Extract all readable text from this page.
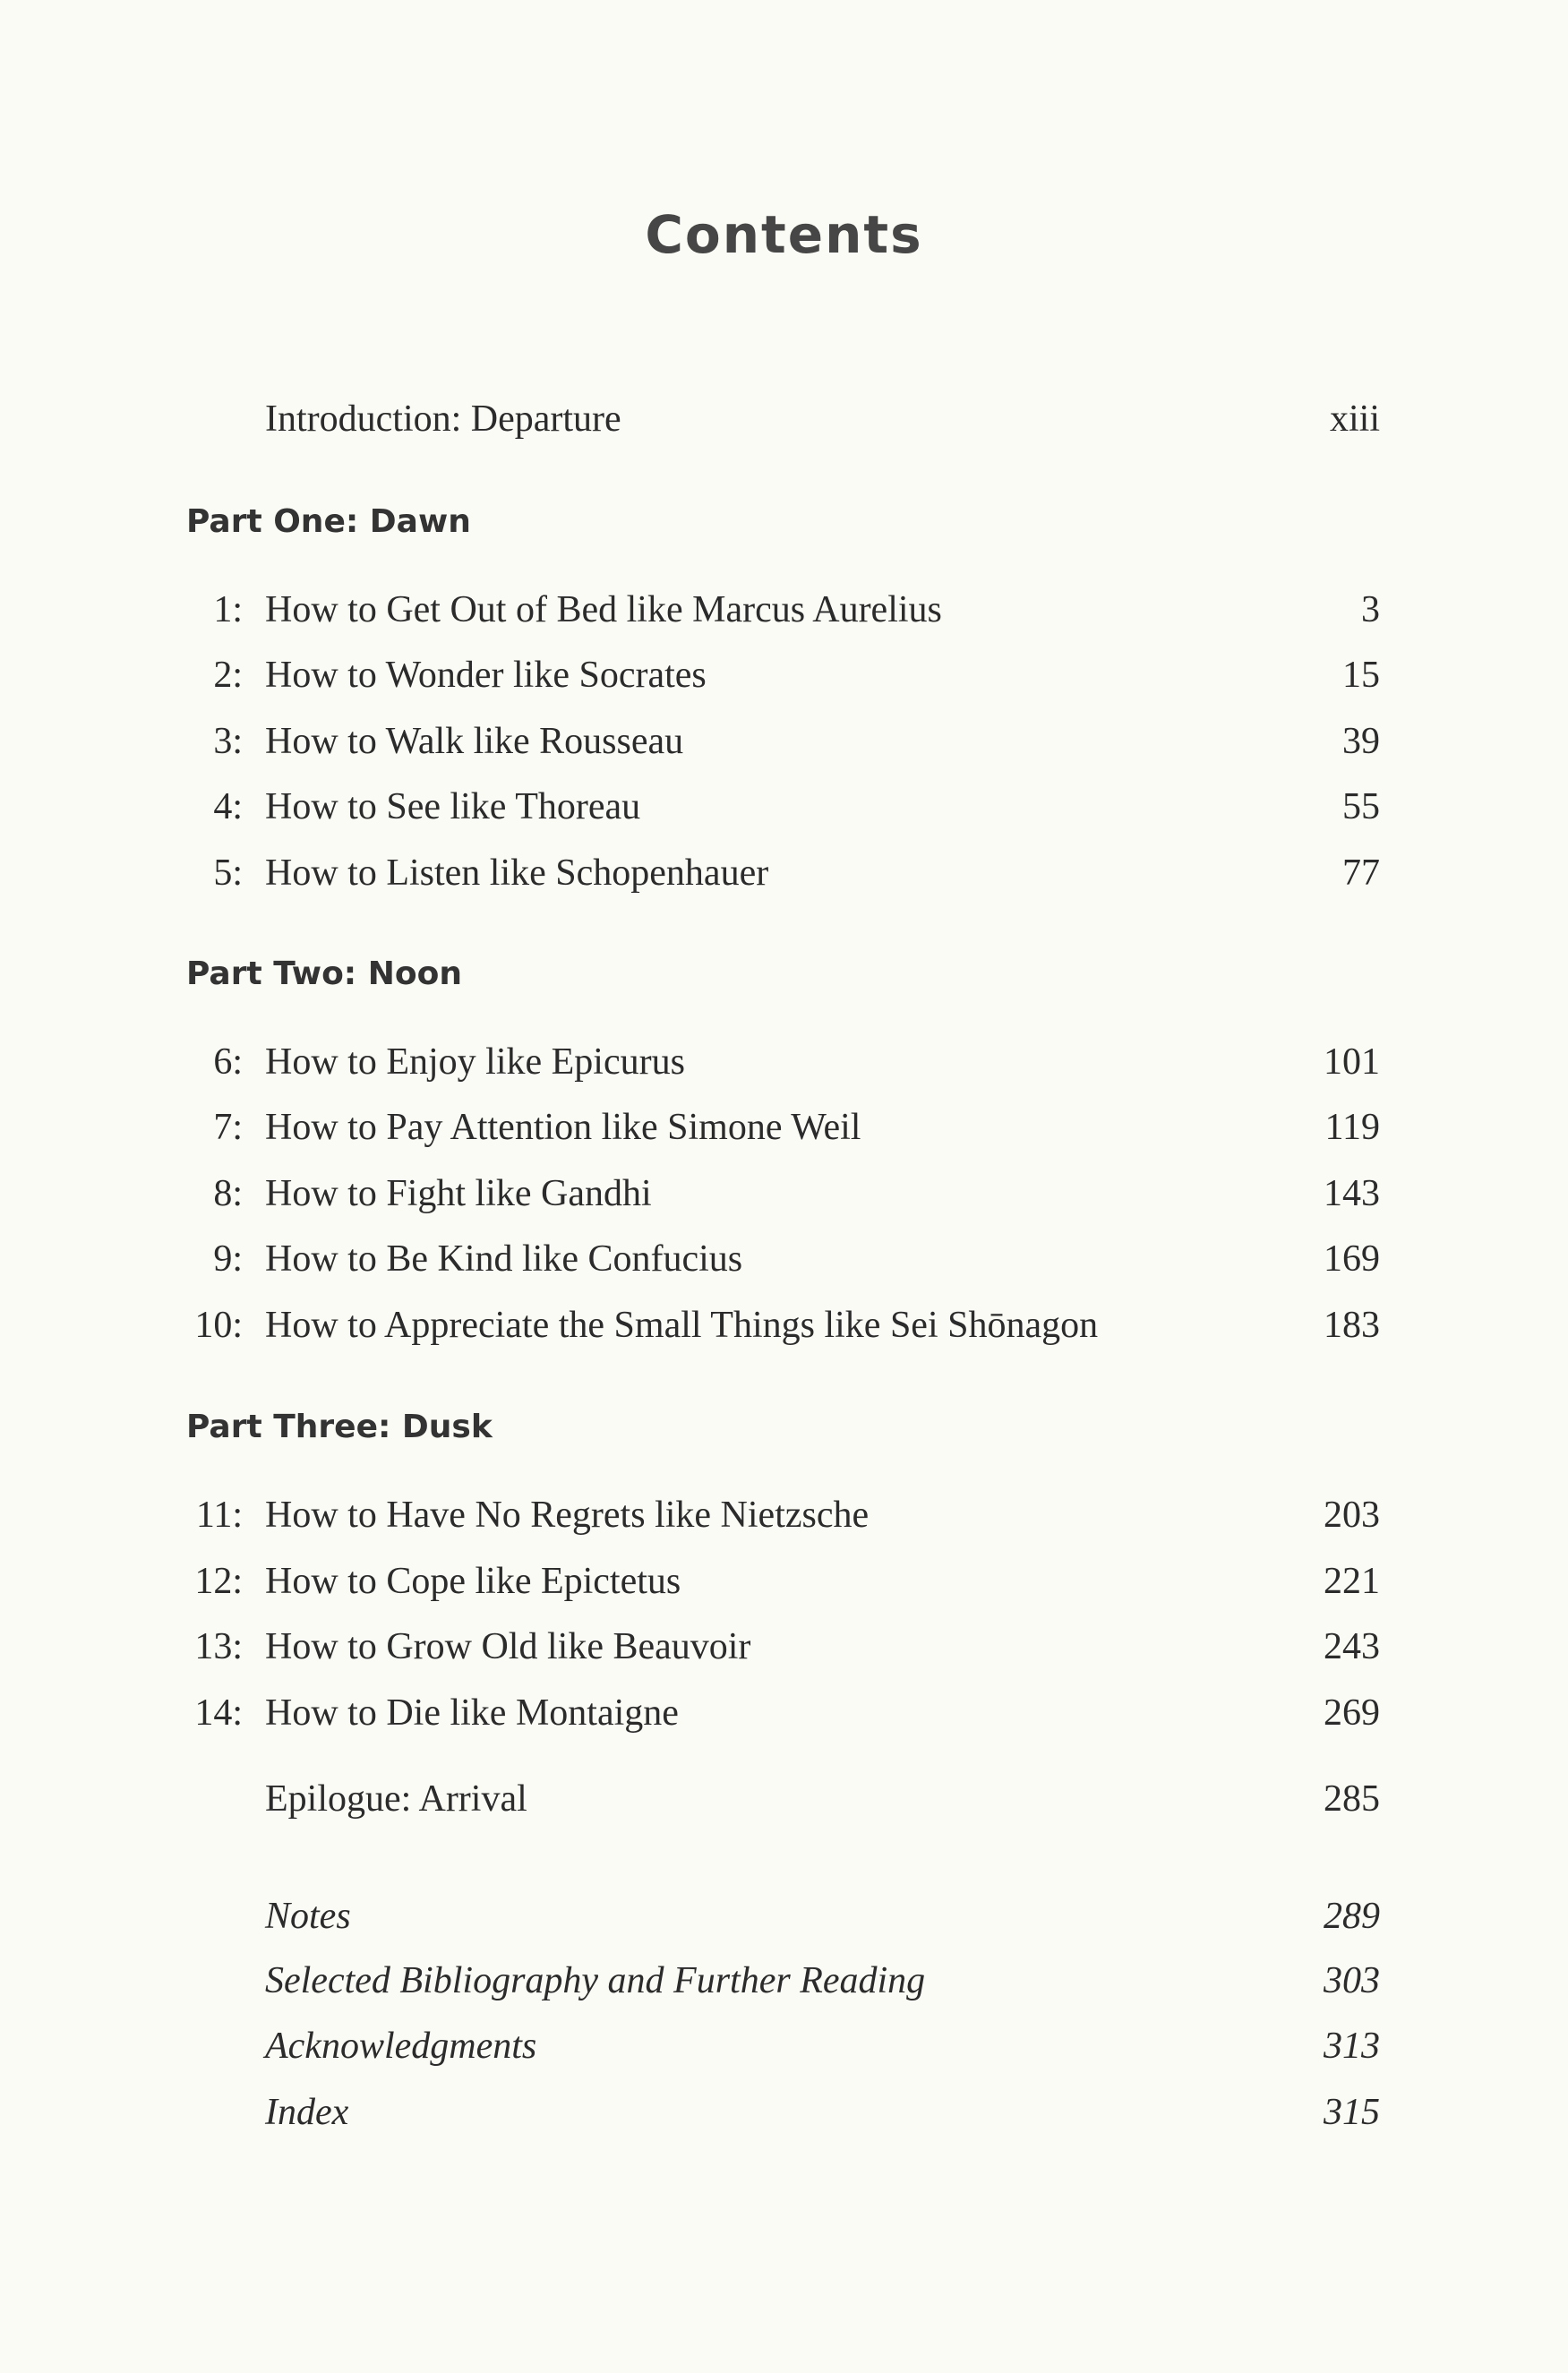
Contents
Introduction: Departure	xiii
Part One: Dawn
1: How to Get Out of Bed like Marcus Aurelius	3
2: How to Wonder like Socrates	15
3: How to Walk like Rousseau	39
4: How to See like Thoreau	55
5: How to Listen like Schopenhauer	77
Part Two: Noon
6: How to Enjoy like Epicurus	101
7: How to Pay Attention like Simone Weil	119
8: How to Fight like Gandhi	143
9: How to Be Kind like Confucius	169
10: How to Appreciate the Small Things like Sei Shōnagon	183
Part Three: Dusk
11: How to Have No Regrets like Nietzsche	203
12: How to Cope like Epictetus	221
13: How to Grow Old like Beauvoir	243
14: How to Die like Montaigne	269
Epilogue: Arrival	285
Notes	289
Selected Bibliography and Further Reading	303
Acknowledgments	313
Index	315
